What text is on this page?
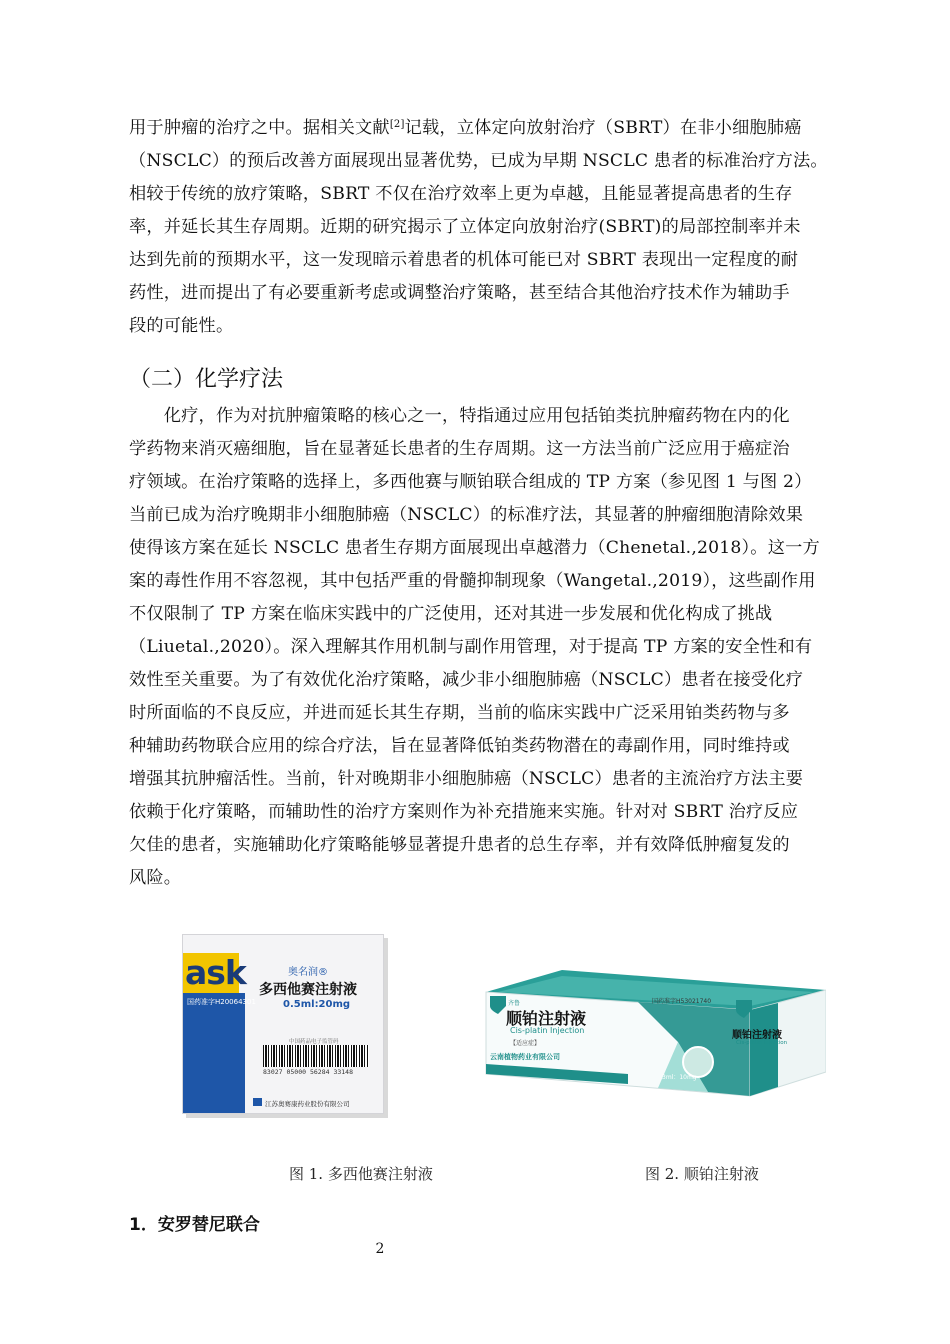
用于肿瘤的治疗之中。据相关文献[2]记载，立体定向放射治疗（SBRT）在非小细胞肺癌
（NSCLC）的预后改善方面展现出显著优势，已成为早期 NSCLC 患者的标准治疗方法。
相较于传统的放疗策略，SBRT 不仅在治疗效率上更为卓越，且能显著提高患者的生存
率，并延长其生存周期。近期的研究揭示了立体定向放射治疗(SBRT)的局部控制率并未
达到先前的预期水平，这一发现暗示着患者的机体可能已对 SBRT 表现出一定程度的耐
药性，进而提出了有必要重新考虑或调整治疗策略，甚至结合其他治疗技术作为辅助手
段的可能性。
（二）化学疗法
　　化疗，作为对抗肿瘤策略的核心之一，特指通过应用包括铂类抗肿瘤药物在内的化
学药物来消灭癌细胞，旨在显著延长患者的生存周期。这一方法当前广泛应用于癌症治
疗领域。在治疗策略的选择上，多西他赛与顺铂联合组成的 TP 方案（参见图 1 与图 2）
当前已成为治疗晚期非小细胞肺癌（NSCLC）的标准疗法，其显著的肿瘤细胞清除效果
使得该方案在延长 NSCLC 患者生存期方面展现出卓越潜力（Chenetal.,2018）。这一方
案的毒性作用不容忽视，其中包括严重的骨髓抑制现象（Wangetal.,2019），这些副作用
不仅限制了 TP 方案在临床实践中的广泛使用，还对其进一步发展和优化构成了挑战
（Liuetal.,2020）。深入理解其作用机制与副作用管理，对于提高 TP 方案的安全性和有
效性至关重要。为了有效优化治疗策略，减少非小细胞肺癌（NSCLC）患者在接受化疗
时所面临的不良反应，并进而延长其生存期，当前的临床实践中广泛采用铂类药物与多
种辅助药物联合应用的综合疗法，旨在显著降低铂类药物潜在的毒副作用，同时维持或
增强其抗肿瘤活性。当前，针对晚期非小细胞肺癌（NSCLC）患者的主流治疗方法主要
依赖于化疗策略，而辅助性的治疗方案则作为补充措施来实施。针对对 SBRT 治疗反应
欠佳的患者，实施辅助化疗策略能够显著提升患者的总生存率，并有效降低肿瘤复发的
风险。
ask
国药准字H20064301
奥名润®
多西他赛注射液
0.5ml:20mg
中国药品电子监管码
83027 05000 56284 33148
江苏奥赛康药业股份有限公司
齐鲁
顺铂注射液
Cis-platin Injection
国药准字H53021740
【适应症】
云南植物药业有限公司
3ml：10mg
顺铂注射液
Cis-platin Injection
图 1. 多西他赛注射液	图 2. 顺铂注射液
1．安罗替尼联合
2
